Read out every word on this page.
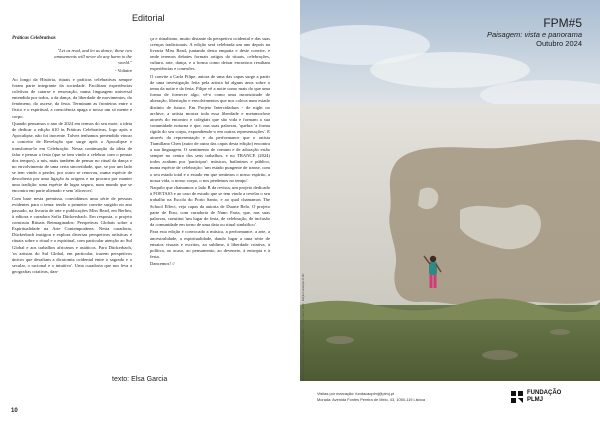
Editorial

Práticas Celebrativas

"Let us read, and let us dance; these two amusements will never do any harm to the world."

- Voltaire

Ao longo da História, rituais e práticas celebrativas sempre foram parte integrante da sociedade. Facilitam experiências coletivas de catarse e renovação, numa linguagem universal entendida por todos, a da dança, da liberdade de movimentos, do fenómeno, do ascese, da festa. Terminam as fronteiras entre o físico e o espiritual, a consciência apaga o nosso um só mente e corpo.

Quando pensamos o ano de 2024 em termos do seu mote, a ideia de dedicar a edição #10 às Práticas Celebrativas, logo após o Apocalipse, não foi inocente. Talvez tenhamos pretendido vincar o conceito de Revelação que surge após o Apocalipse e transforma-lo em Celebração. Nessa continuação da ideia de falar e pensar a festa (que se tem vindo a celebrar com o pensar dos tempos), a nós, mais também de pensar no ritual da dança e no envolvimento de uma certa sincretidade, que, se por um lado se tem vindo a perder, por outro se renovou, numa espécie de descoberta por uma ligação às origens e na procura por manter uma tradição: uma espécie de lugar seguro, num mundo que se encontra em parte alienado e sem 'alicerces'.

Com base nesta premissa, convidámos uma série de pessoas evidentes para o tema: tendo o primeiro convite surgido no ano passado, na livraria de arte e publicações Miss Read, em Berlim, à editora e curadora Sofia Dückersbach. Em resposta, o projeto construiu Rituais Reimaginados: Perspetivas Globais sobre a Espiritualidade na Arte Contemporânea. Nesta curadoria, Dückerbach instigou e explora diversas perspetivas artísticas e rituais sobre o ritual e o espiritual, com particular atenção ao Sul Global e aos trabalhos africanos e asiáticos. Para Dückerbach, 'os artistas do Sul Global, em particular, trazem perspetivos únicos que desafiam a dicotomia ocidental entre o sagrado e o secular, o racional e o intuitivo'. Uma curadoria que nos leva a geografias criativas, dan-

ça e ritualismo, muito distante da perspetiva ocidental e das suas crenças tradicionais. A edição será celebrada um ano depois na livraria Miss Read, juntando desta empatia e deste convite, e onde teremos debates formais artigos do rituais, celebrações, cultura, arte, dança, e a forma como deixar encontros resultam experiências e conexões.

O convite a Carla Filipe, autora de uma das capas surge a partir de uma investigação feita pela artista há alguns anos sobre o tema da noite e da festa. Filipe vê a noite como mais do que uma forma de fornecer algo, vê-o como uma inconsistude de alteração, libertação e envolvimentos que nos coloca num estado distinto de futuro. Em Projeto Intercidadaos - de night no archive, a artista mostra toda essa liberdade e metamorfose através do encontro e colegiais que são vida e formam a sua comunidade noturna e que, nas suas palavras, 'quebra 'a forma rígida do seu corpo, expondiendo-o em outras representações'. E através da representação e da performance que o artista Tiamillano Chen (autor de outra das capas desta edição) encontra a sua linguagem. O sentimento de comum e de adoração estão sempre no centro dos seus trabalhos, e no TRANCE (2024) todos acabam por 'participar': músicos, bailarinos e público, numa espécie de celebração: 'um estado pungente de transe, com o seu estado total e o estado em que sentimos o nosso espírito, a nossa vida, o nosso corpo, o nos perdemos no tempo'.

Naquilo que chamamos o lado B da revista, um projeto dedicado à FOETAS3 e ao caso de estudo que se tem vindo a revelar o seu trabalho na Escola do Porto Santo, e ao qual chamamos The School Effect, veja capas da autoria de Duarte Belo. O projeto parte de Etsu, com curadoria de Nuno Faria, que, nas suas palavras, constitui 'um lugar de festa, de celebração, de inclusão da comunidade em torno de uma data ou ritual simbólico'.

Para esta edição é convocado a música, a performance, a arte, a ancestralidade, a espiritualidade, dando lugar a uma série de ensaios visuais e escritos, ao sublime, à liberdade criativa, à política, ao acaso, ao pensamento, ao deveneio, à entropia e à festa.

Dancemos! //

texto: Elsa Garcia

10

FPM#5

Paisagem: vista e panorama

Outubro 2024

Fotografia de Duarte Belo: The School Effect — Porto Santo, 2024 · Edição Fundação PLMJ

Visitas por marcação: fundacaoplmj@plmj.pt

Morada: Avenida Fontes Pereira de Melo, 43, 1050-119 Lisboa

FUNDAÇÃO
PLMJ
